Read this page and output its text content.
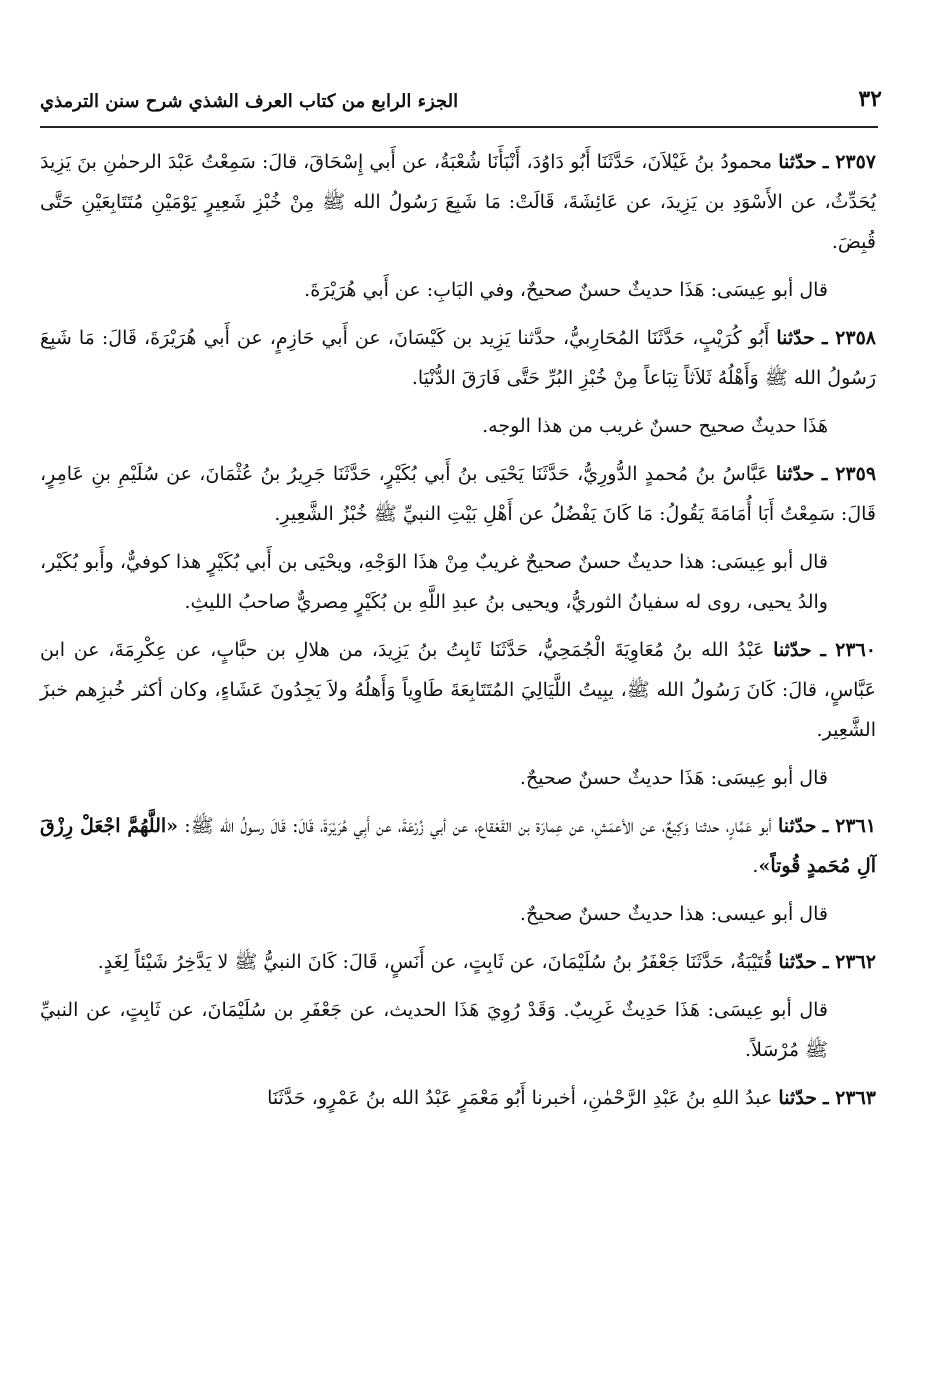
٣٢
الجزء الرابع من كتاب العرف الشذي شرح سنن الترمذي

٢٣٥٧ ـ حدّثنا محمودُ بنُ غَيْلاَنَ، حَدَّثَنَا أَبُو دَاوُدَ، أَنْبَأَنَا شُعْبَةُ، عن أَبي إِسْحَاقَ، قالَ: سَمِعْتُ عَبْدَ الرحمٰنِ بنَ يَزِيدَ يُحَدِّثُ، عن الأَسْوَدِ بن يَزِيدَ، عن عَائِشَةَ، قَالَتْ: مَا شَبِعَ رَسُولُ الله ﷺ مِنْ خُبْزِ شَعِيرٍ يَوْمَيْنِ مُتَتَابِعَيْنِ حَتَّى قُبِضَ.

قال أبو عِيسَى: هَذَا حديثٌ حسنٌ صحيحٌ، وفي البَابِ: عن أَبي هُرَيْرَةَ.

٢٣٥٨ ـ حدّثنا أَبُو كُرَيْبٍ، حَدَّثَنَا المُحَارِبيُّ، حدَّثنا يَزِيد بن كَيْسَانَ، عن أَبي حَازِمٍ، عن أَبي هُرَيْرَةَ، قَالَ: مَا شَبِعَ رَسُولُ الله ﷺ وَأَهْلُهُ ثَلاَثاً تِبَاعاً مِنْ خُبْزِ البُرِّ حَتَّى فَارَقَ الدُّنْيَا.

هَذَا حديثٌ صحيح حسنٌ غريب من هذا الوجه.

٢٣٥٩ ـ حدّثنا عَبَّاسُ بنُ مُحمدٍ الدُّورِيُّ، حَدَّثَنَا يَحْيَى بنُ أَبي بُكَيْرٍ، حَدَّثَنَا جَرِيرُ بنُ عُثْمَانَ، عن سُلَيْمِ بنِ عَامِرٍ، قَالَ: سَمِعْتُ أَبَا أُمَامَةَ يَقُولُ: مَا كَانَ يَفْضُلُ عن أَهْلِ بَيْتِ النبيِّ ﷺ خُبْزُ الشَّعِيرِ.

قال أبو عِيسَى: هذا حديثٌ حسنٌ صحيحٌ غريبٌ مِنْ هذَا الوَجْهِ، ويحْيَى بن أَبي بُكَيْرٍ هذا كوفيٌّ، وأَبو بُكَيْر، والدُ يحيى، روى له سفيانُ الثوريُّ، ويحيى بنُ عبدِ اللَّهِ بن بُكَيْرٍ مِصريٌّ صاحبُ الليثِ.

٢٣٦٠ ـ حدّثنا عَبْدُ الله بنُ مُعَاوِيَةَ الْجُمَحِيُّ، حَدَّثَنَا ثَابِتُ بنُ يَزِيدَ، من هلالِ بن حبَّابٍ، عن عِكْرِمَةَ، عن ابن عَبَّاسٍ، قالَ: كَانَ رَسُولُ الله ﷺ، يبِيتُ اللَّيَالِيَ المُتَتَابِعَةَ طَاوِياً وَأَهلُهُ ولاَ يَجِدُونَ عَشَاءٍ، وكان أكثر خُبزِهم خبزَ الشَّعِير.

قال أبو عِيسَى: هَذَا حديثٌ حسنٌ صحيحٌ.

٢٣٦١ ـ حدّثنا أبو عَمَّارٍ، حدثنا وَكِيعٌ، عن الأعمَشِ، عن عِمارَة بن القَعْقاع، عن أبي زُرْعَةَ، عن أَبِي هُرَيْرَةَ، قَالَ: قَالَ رسولُ الله ﷺ: «اللَّهُمَّ اجْعَلْ رِزْقَ آلِ مُحَمدٍ قُوتاً».

قال أبو عيسى: هذا حديثٌ حسنٌ صحيحٌ.

٢٣٦٢ ـ حدّثنا قُتَيْبَةُ، حَدَّثَنَا جَعْفَرُ بنُ سُلَيْمَانَ، عن ثَابِتٍ، عن أَنَسٍ، قَالَ: كَانَ النبيُّ ﷺ لا يَدَّخِرُ شَيْئاً لِغَدٍ.

قال أبو عِيسَى: هَذَا حَدِيثٌ غَرِيبٌ. وَقَدْ رُوِيَ هَذَا الحديث، عن جَعْفَرِ بن سُلَيْمَانَ، عن ثَابِتٍ، عن النبيِّ ﷺ مُرْسَلاً.

٢٣٦٣ ـ حدّثنا عبدُ اللهِ بنُ عَبْدِ الرَّحْمٰنِ، أخبرنا أَبُو مَعْمَرٍ عَبْدُ الله بنُ عَمْرٍو، حَدَّثَنَا
